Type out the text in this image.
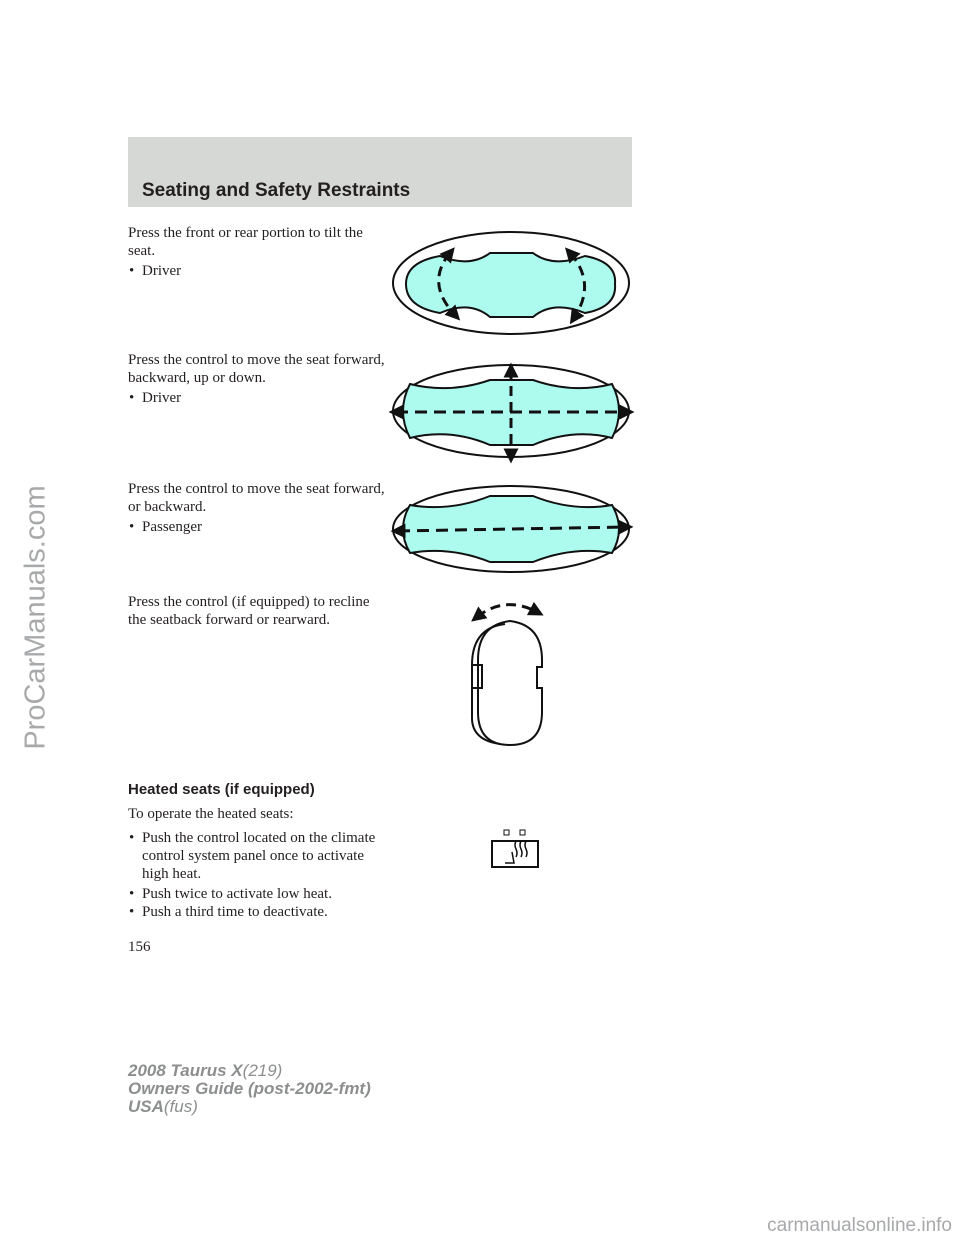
Seating and Safety Restraints
Press the front or rear portion to tilt the seat.
• Driver
Press the control to move the seat forward, backward, up or down.
• Driver
Press the control to move the seat forward, or backward.
• Passenger
Press the control (if equipped) to recline the seatback forward or rearward.
Heated seats (if equipped)
To operate the heated seats:
• Push the control located on the climate control system panel once to activate high heat.
• Push twice to activate low heat.
• Push a third time to deactivate.
156
2008 Taurus X(219)
Owners Guide (post-2002-fmt)
USA(fus)
ProCarManuals.com
carmanualsonline.info
